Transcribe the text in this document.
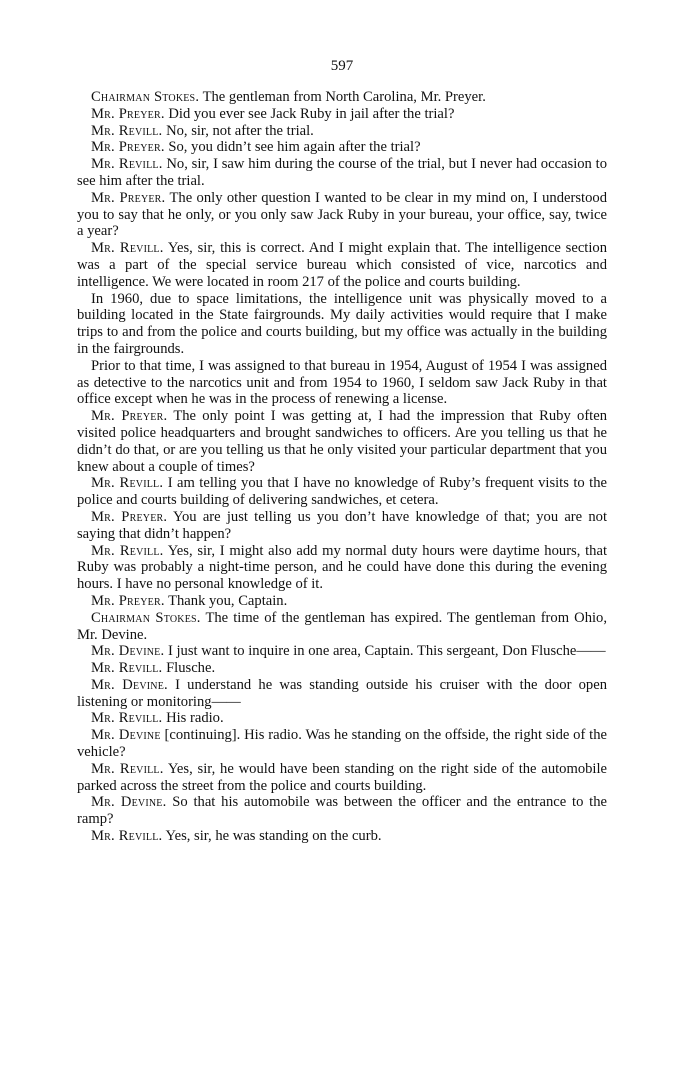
597

Chairman Stokes. The gentleman from North Carolina, Mr. Preyer.

Mr. Preyer. Did you ever see Jack Ruby in jail after the trial?

Mr. Revill. No, sir, not after the trial.

Mr. Preyer. So, you didn’t see him again after the trial?

Mr. Revill. No, sir, I saw him during the course of the trial, but I never had occasion to see him after the trial.

Mr. Preyer. The only other question I wanted to be clear in my mind on, I understood you to say that he only, or you only saw Jack Ruby in your bureau, your office, say, twice a year?

Mr. Revill. Yes, sir, this is correct. And I might explain that. The intelligence section was a part of the special service bureau which consisted of vice, narcotics and intelligence. We were located in room 217 of the police and courts building.

In 1960, due to space limitations, the intelligence unit was physically moved to a building located in the State fairgrounds. My daily activities would require that I make trips to and from the police and courts building, but my office was actually in the building in the fairgrounds.

Prior to that time, I was assigned to that bureau in 1954, August of 1954 I was assigned as detective to the narcotics unit and from 1954 to 1960, I seldom saw Jack Ruby in that office except when he was in the process of renewing a license.

Mr. Preyer. The only point I was getting at, I had the impression that Ruby often visited police headquarters and brought sandwiches to officers. Are you telling us that he didn’t do that, or are you telling us that he only visited your particular department that you knew about a couple of times?

Mr. Revill. I am telling you that I have no knowledge of Ruby’s frequent visits to the police and courts building of delivering sandwiches, et cetera.

Mr. Preyer. You are just telling us you don’t have knowledge of that; you are not saying that didn’t happen?

Mr. Revill. Yes, sir, I might also add my normal duty hours were daytime hours, that Ruby was probably a night-time person, and he could have done this during the evening hours. I have no personal knowledge of it.

Mr. Preyer. Thank you, Captain.

Chairman Stokes. The time of the gentleman has expired. The gentleman from Ohio, Mr. Devine.

Mr. Devine. I just want to inquire in one area, Captain. This sergeant, Don Flusche——

Mr. Revill. Flusche.

Mr. Devine. I understand he was standing outside his cruiser with the door open listening or monitoring——

Mr. Revill. His radio.

Mr. Devine [continuing]. His radio. Was he standing on the offside, the right side of the vehicle?

Mr. Revill. Yes, sir, he would have been standing on the right side of the automobile parked across the street from the police and courts building.

Mr. Devine. So that his automobile was between the officer and the entrance to the ramp?

Mr. Revill. Yes, sir, he was standing on the curb.
